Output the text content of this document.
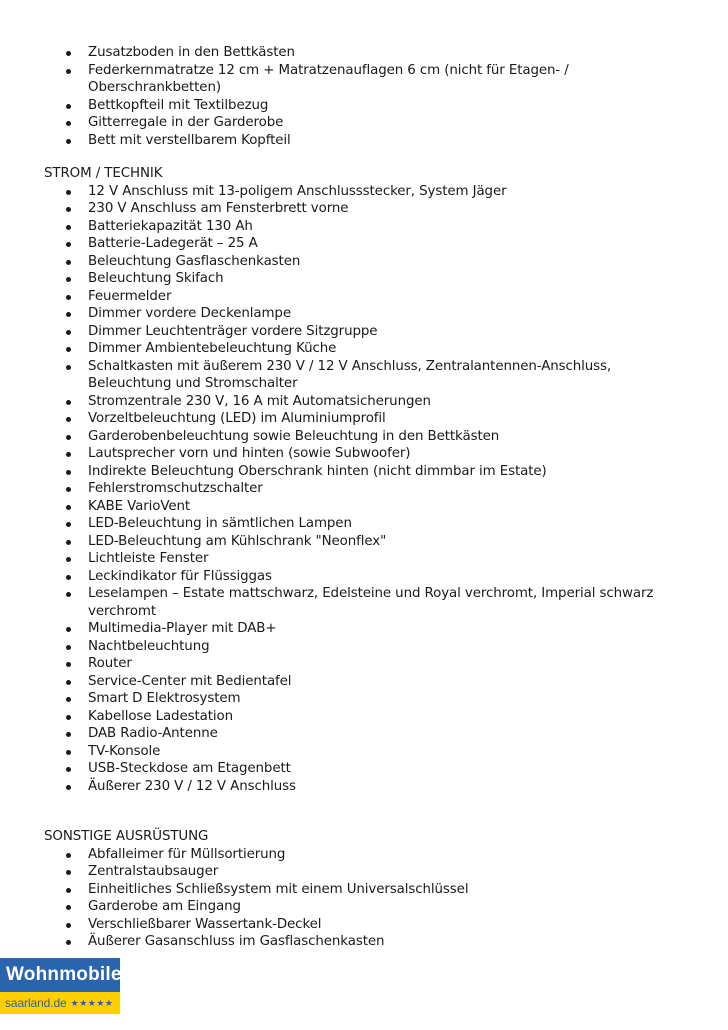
Zusatzboden in den Bettkästen
Federkernmatratze 12 cm + Matratzenauflagen 6 cm (nicht für Etagen- / Oberschrankbetten)
Bettkopfteil mit Textilbezug
Gitterregale in der Garderobe
Bett mit verstellbarem Kopfteil
STROM / TECHNIK
12 V Anschluss mit 13-poligem Anschlussstecker, System Jäger
230 V Anschluss am Fensterbrett vorne
Batteriekapazität 130 Ah
Batterie-Ladegerät – 25 A
Beleuchtung Gasflaschenkasten
Beleuchtung Skifach
Feuermelder
Dimmer vordere Deckenlampe
Dimmer Leuchtenträger vordere Sitzgruppe
Dimmer Ambientebeleuchtung Küche
Schaltkasten mit äußerem 230 V / 12 V Anschluss, Zentralantennen-Anschluss, Beleuchtung und Stromschalter
Stromzentrale 230 V, 16 A mit Automatsicherungen
Vorzeltbeleuchtung (LED) im Aluminiumprofil
Garderobenbeleuchtung sowie Beleuchtung in den Bettkästen
Lautsprecher vorn und hinten (sowie Subwoofer)
Indirekte Beleuchtung Oberschrank hinten (nicht dimmbar im Estate)
Fehlerstromschutzschalter
KABE VarioVent
LED-Beleuchtung in sämtlichen Lampen
LED-Beleuchtung am Kühlschrank "Neonflex"
Lichtleiste Fenster
Leckindikator für Flüssiggas
Leselampen – Estate mattschwarz, Edelsteine und Royal verchromt, Imperial schwarz verchromt
Multimedia-Player mit DAB+
Nachtbeleuchtung
Router
Service-Center mit Bedientafel
Smart D Elektrosystem
Kabellose Ladestation
DAB Radio-Antenne
TV-Konsole
USB-Steckdose am Etagenbett
Äußerer 230 V / 12 V Anschluss
SONSTIGE AUSRÜSTUNG
Abfalleimer für Müllsortierung
Zentralstaubsauger
Einheitliches Schließsystem mit einem Universalschlüssel
Garderobe am Eingang
Verschließbarer Wassertank-Deckel
Äußerer Gasanschluss im Gasflaschenkasten
Wohnmobile
saarland.de ★★★★★
